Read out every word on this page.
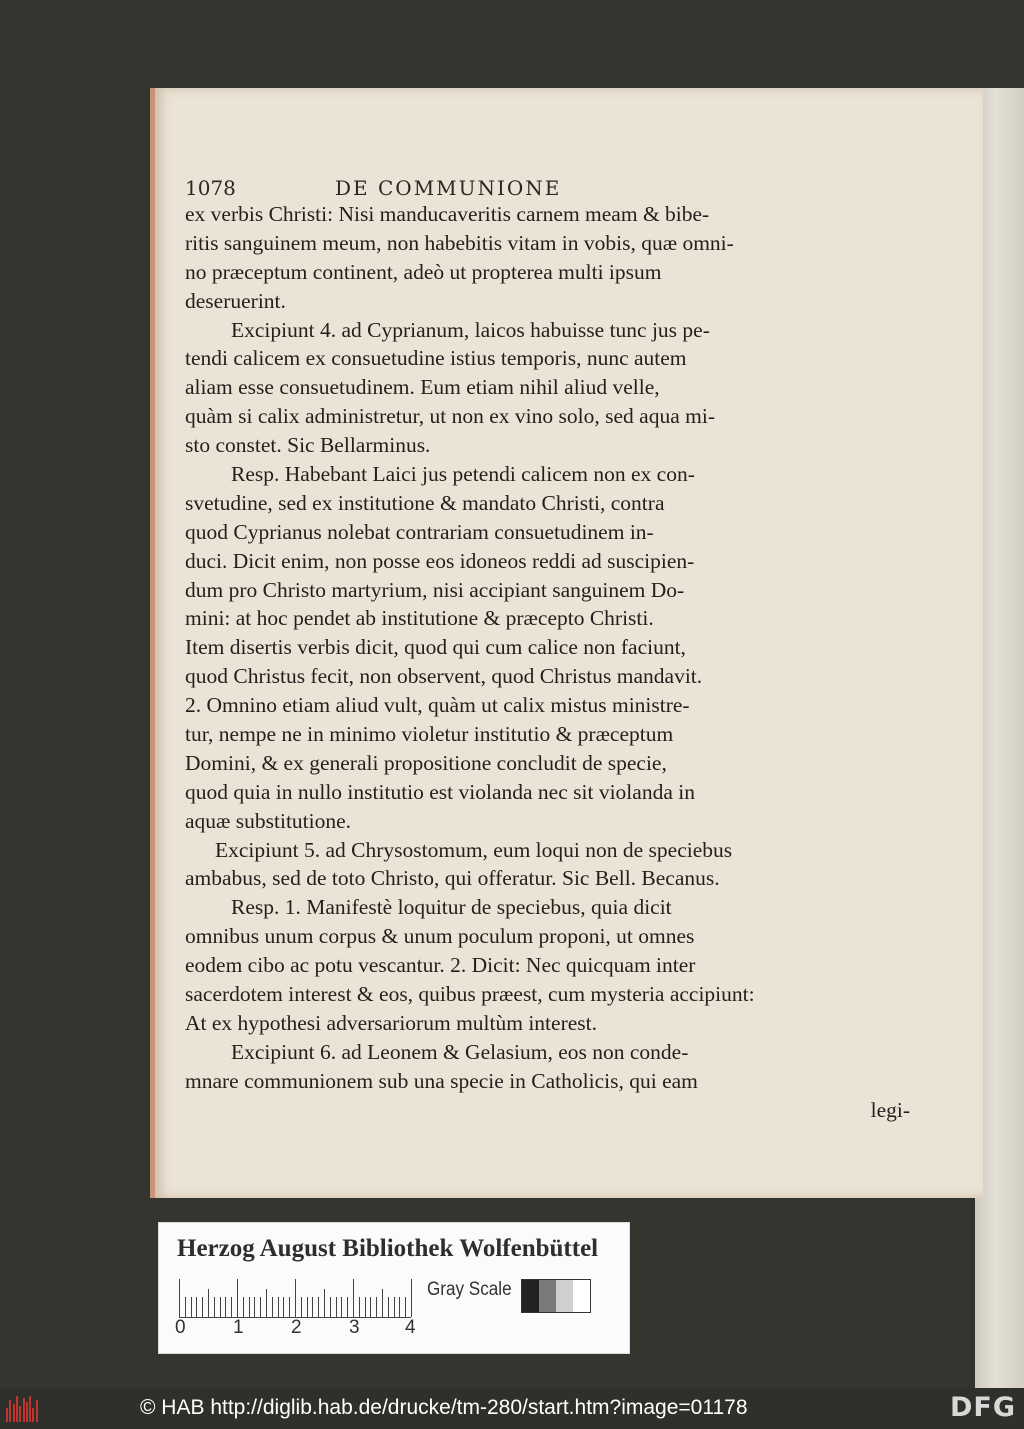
1078	DE COMMUNIONE
ex verbis Christi: Nisi manducaveritis carnem meam & bibe-
ritis sanguinem meum, non habebitis vitam in vobis, quæ omni-
no præceptum continent, adeò ut propterea multi ipsum
deseruerint.
Excipiunt 4. ad Cyprianum, laicos habuisse tunc jus pe-
tendi calicem ex consuetudine istius temporis, nunc autem
aliam esse consuetudinem. Eum etiam nihil aliud velle,
quàm si calix administretur, ut non ex vino solo, sed aqua mi-
sto constet. Sic Bellarminus.
Resp. Habebant Laici jus petendi calicem non ex con-
svetudine, sed ex institutione & mandato Christi, contra
quod Cyprianus nolebat contrariam consuetudinem in-
duci. Dicit enim, non posse eos idoneos reddi ad suscipien-
dum pro Christo martyrium, nisi accipiant sanguinem Do-
mini: at hoc pendet ab institutione & præcepto Christi.
Item disertis verbis dicit, quod qui cum calice non faciunt,
quod Christus fecit, non observent, quod Christus mandavit.
2. Omnino etiam aliud vult, quàm ut calix mistus ministre-
tur, nempe ne in minimo violetur institutio & præceptum
Domini, & ex generali propositione concludit de specie,
quod quia in nullo institutio est violanda nec sit violanda in
aquæ substitutione.
Excipiunt 5. ad Chrysostomum, eum loqui non de speciebus
ambabus, sed de toto Christo, qui offeratur. Sic Bell. Becanus.
Resp. 1. Manifestè loquitur de speciebus, quia dicit
omnibus unum corpus & unum poculum proponi, ut omnes
eodem cibo ac potu vescantur. 2. Dicit: Nec quicquam inter
sacerdotem interest & eos, quibus præest, cum mysteria accipiunt:
At ex hypothesi adversariorum multùm interest.
Excipiunt 6. ad Leonem & Gelasium, eos non conde-
mnare communionem sub una specie in Catholicis, qui eam
legi-
Herzog August Bibliothek Wolfenbüttel
0 1 2 3 4
Gray Scale
© HAB http://diglib.hab.de/drucke/tm-280/start.htm?image=01178	DFG
